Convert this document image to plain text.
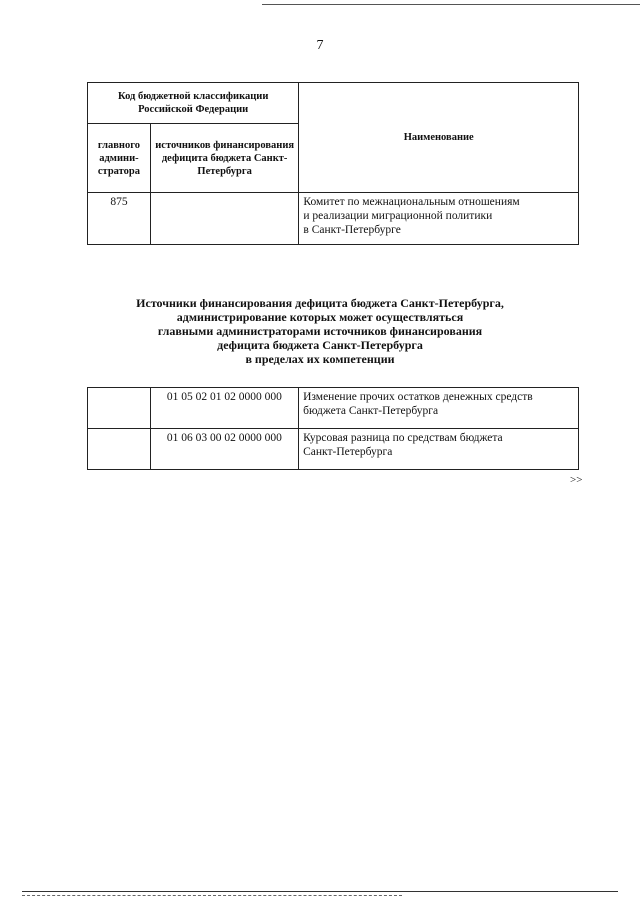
7
Код бюджетной классификации Российской Федерации		Наименование
главного админи-стратора	источников финансирования дефицита бюджета Санкт-Петербурга	
875		Комитет по межнациональным отношениям
и реализации миграционной политики
в Санкт-Петербурге
Источники финансирования дефицита бюджета Санкт-Петербурга,
администрирование которых может осуществляться
главными администраторами источников финансирования
дефицита бюджета Санкт-Петербурга
в пределах их компетенции
	01 05 02 01 02 0000 000	Изменение прочих остатков денежных средств
бюджета Санкт-Петербурга

	01 06 03 00 02 0000 000	Курсовая разница по средствам бюджета
Санкт-Петербурга
>>
